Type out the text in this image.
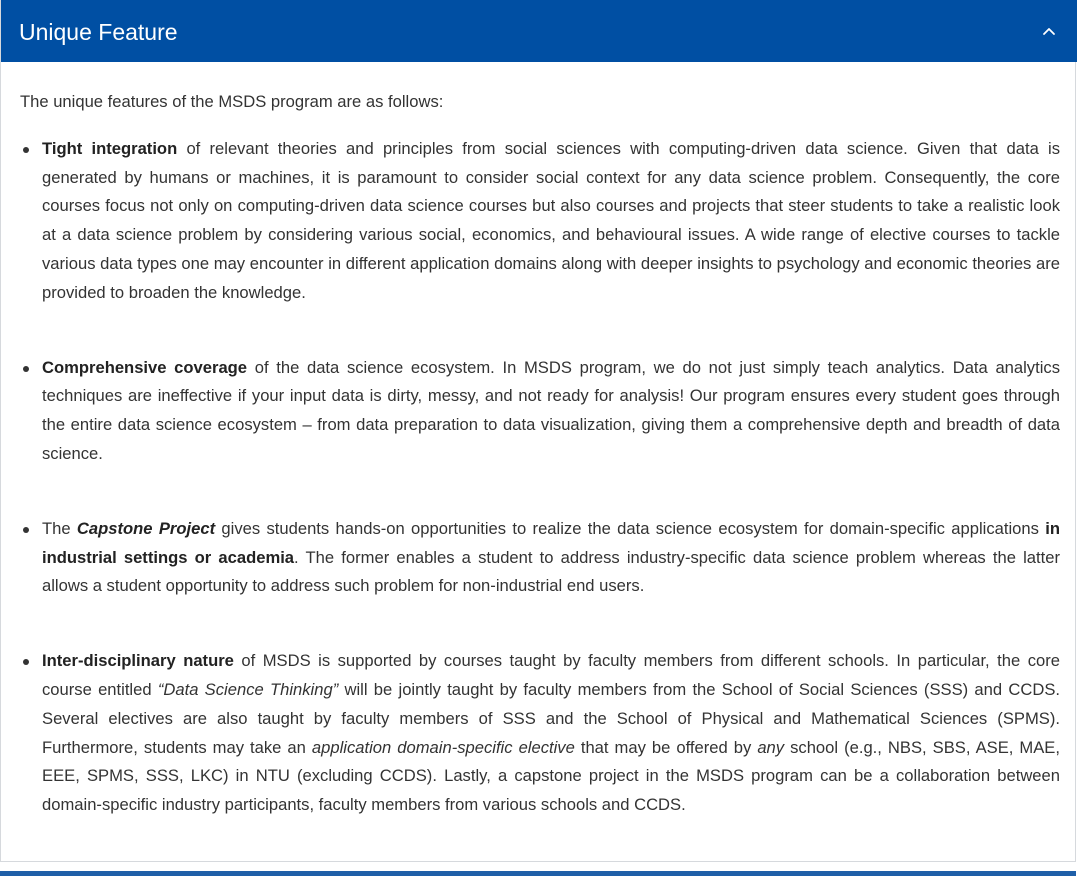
Unique Feature

The unique features of the MSDS program are as follows:

Tight integration of relevant theories and principles from social sciences with computing-driven data science. Given that data is generated by humans or machines, it is paramount to consider social context for any data science problem. Consequently, the core courses focus not only on computing-driven data science courses but also courses and projects that steer students to take a realistic look at a data science problem by considering various social, economics, and behavioural issues. A wide range of elective courses to tackle various data types one may encounter in different application domains along with deeper insights to psychology and economic theories are provided to broaden the knowledge.
Comprehensive coverage of the data science ecosystem. In MSDS program, we do not just simply teach analytics. Data analytics techniques are ineffective if your input data is dirty, messy, and not ready for analysis! Our program ensures every student goes through the entire data science ecosystem – from data preparation to data visualization, giving them a comprehensive depth and breadth of data science.
The Capstone Project gives students hands-on opportunities to realize the data science ecosystem for domain-specific applications in industrial settings or academia. The former enables a student to address industry-specific data science problem whereas the latter allows a student opportunity to address such problem for non-industrial end users.
Inter-disciplinary nature of MSDS is supported by courses taught by faculty members from different schools. In particular, the core course entitled “Data Science Thinking” will be jointly taught by faculty members from the School of Social Sciences (SSS) and CCDS. Several electives are also taught by faculty members of SSS and the School of Physical and Mathematical Sciences (SPMS). Furthermore, students may take an application domain-specific elective that may be offered by any school (e.g., NBS, SBS, ASE, MAE, EEE, SPMS, SSS, LKC) in NTU (excluding CCDS). Lastly, a capstone project in the MSDS program can be a collaboration between domain-specific industry participants, faculty members from various schools and CCDS.
